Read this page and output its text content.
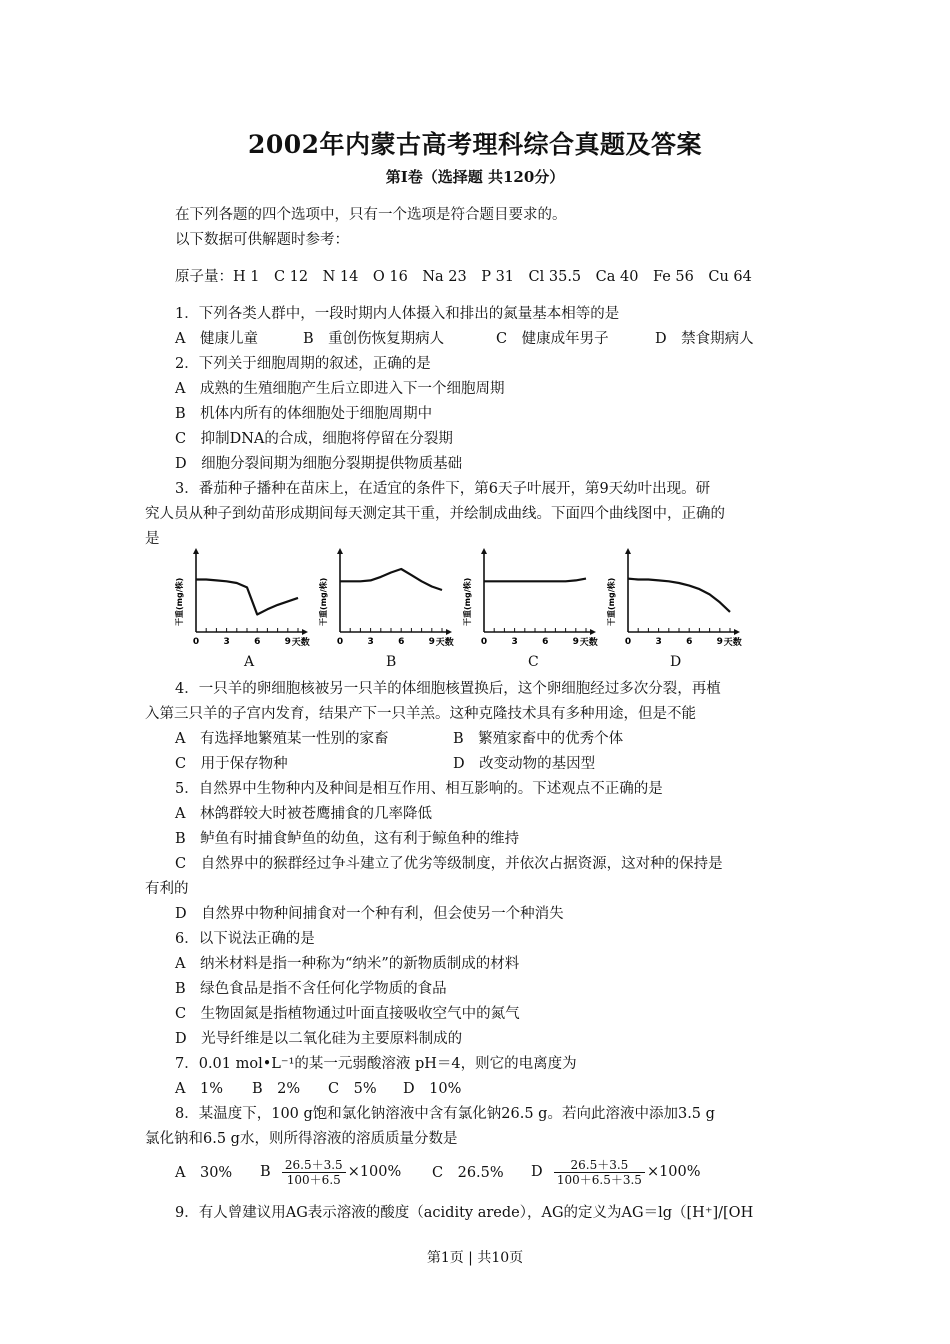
2002年内蒙古高考理科综合真题及答案
第Ⅰ卷（选择题 共120分）
在下列各题的四个选项中，只有一个选项是符合题目要求的。
以下数据可供解题时参考：
原子量：H 1　C 12　N 14　O 16　Na 23　P 31　Cl 35.5　Ca 40　Fe 56　Cu 64
1．下列各类人群中，一段时期内人体摄入和排出的氮量基本相等的是
A　健康儿童	B　重创伤恢复期病人	C　健康成年男子	D　禁食期病人
2．下列关于细胞周期的叙述，正确的是
A　成熟的生殖细胞产生后立即进入下一个细胞周期
B　机体内所有的体细胞处于细胞周期中
C　抑制DNA的合成，细胞将停留在分裂期
D　细胞分裂间期为细胞分裂期提供物质基础
3．番茄种子播种在苗床上，在适宜的条件下，第6天子叶展开，第9天幼叶出现。研
究人员从种子到幼苗形成期间每天测定其干重，并绘制成曲线。下面四个曲线图中，正确的
是
0	3	6	9 天数
干重(mg/株)
0	3	6	9 天数
干重(mg/株)
0	3	6	9 天数
干重(mg/株)
0	3	6	9 天数
干重(mg/株)
A	B	C	D
4．一只羊的卵细胞核被另一只羊的体细胞核置换后，这个卵细胞经过多次分裂，再植
入第三只羊的子宫内发育，结果产下一只羊羔。这种克隆技术具有多种用途，但是不能
A　有选择地繁殖某一性别的家畜	B　繁殖家畜中的优秀个体
C　用于保存物种	D　改变动物的基因型
5．自然界中生物种内及种间是相互作用、相互影响的。下述观点不正确的是
A　林鸽群较大时被苍鹰捕食的几率降低
B　鲈鱼有时捕食鲈鱼的幼鱼，这有利于鲸鱼种的维持
C　自然界中的猴群经过争斗建立了优劣等级制度，并依次占据资源，这对种的保持是
有利的
D　自然界中物种间捕食对一个种有利，但会使另一个种消失
6．以下说法正确的是
A　纳米材料是指一种称为“纳米”的新物质制成的材料
B　绿色食品是指不含任何化学物质的食品
C　生物固氮是指植物通过叶面直接吸收空气中的氮气
D　光导纤维是以二氧化硅为主要原料制成的
7．0.01 mol•L⁻¹的某一元弱酸溶液 pH＝4，则它的电离度为
A　1% B　2% C　5% D　10%
8．某温度下，100 g饱和氯化钠溶液中含有氯化钠26.5 g。若向此溶液中添加3.5 g
氯化钠和6.5 g水，则所得溶液的溶质质量分数是
A　30% B $\frac{26.5+3.5}{100+6.5} \times 100\%$ C　26.5% D $\frac{26.5+3.5}{100+6.5+3.5} \times 100\%$
9．有人曾建议用AG表示溶液的酸度（acidity arede），AG的定义为AG＝lg（[H⁺]/[OH
第1页 | 共10页
